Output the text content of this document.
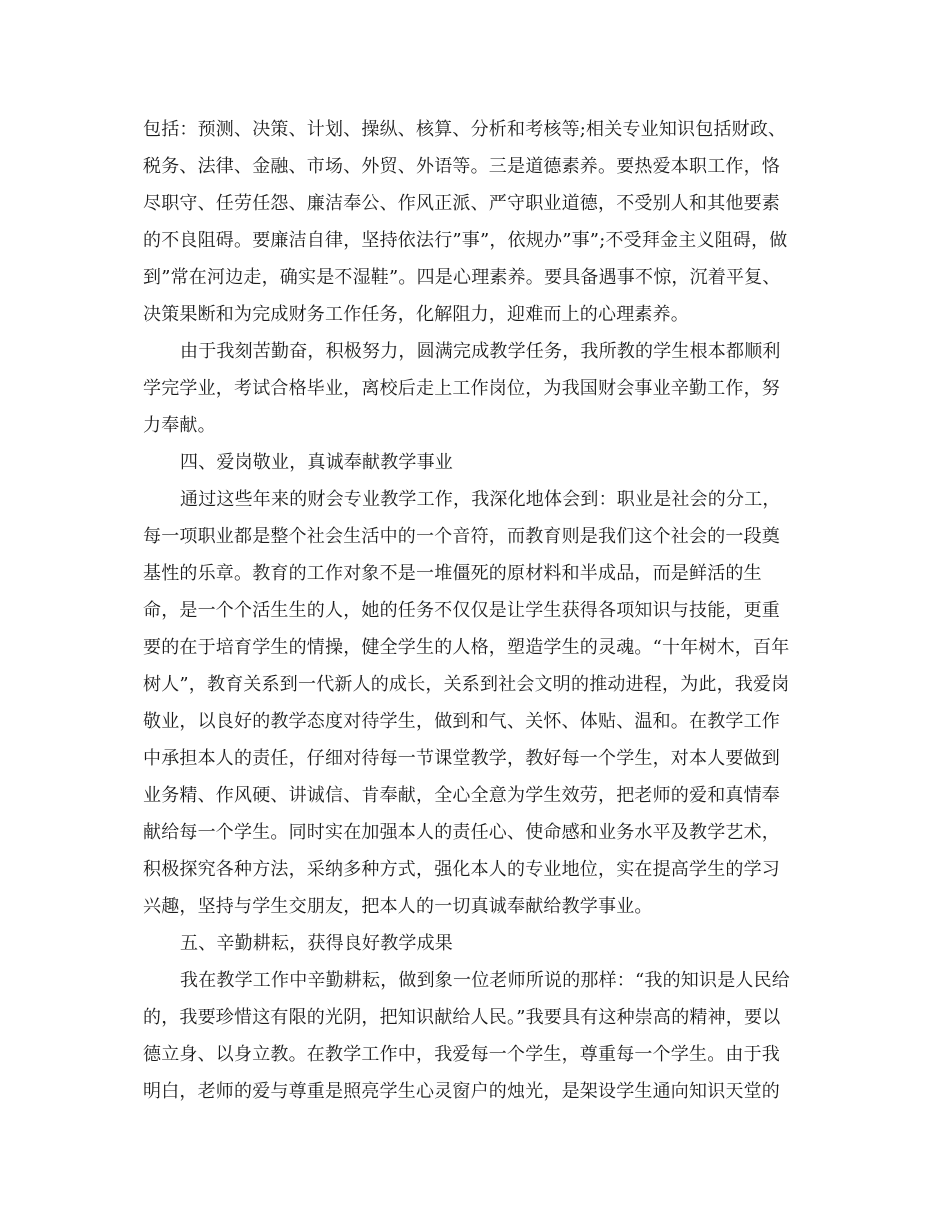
包括：预测、决策、计划、操纵、核算、分析和考核等;相关专业知识包括财政、
税务、法律、金融、市场、外贸、外语等。三是道德素养。要热爱本职工作，恪
尽职守、任劳任怨、廉洁奉公、作风正派、严守职业道德，不受别人和其他要素
的不良阻碍。要廉洁自律，坚持依法行”事”，依规办”事”;不受拜金主义阻碍，做
到”常在河边走，确实是不湿鞋”。四是心理素养。要具备遇事不惊，沉着平复、
决策果断和为完成财务工作任务，化解阻力，迎难而上的心理素养。
由于我刻苦勤奋，积极努力，圆满完成教学任务，我所教的学生根本都顺利
学完学业，考试合格毕业，离校后走上工作岗位，为我国财会事业辛勤工作，努
力奉献。
四、爱岗敬业，真诚奉献教学事业
通过这些年来的财会专业教学工作，我深化地体会到：职业是社会的分工，
每一项职业都是整个社会生活中的一个音符，而教育则是我们这个社会的一段奠
基性的乐章。教育的工作对象不是一堆僵死的原材料和半成品，而是鲜活的生
命，是一个个活生生的人，她的任务不仅仅是让学生获得各项知识与技能，更重
要的在于培育学生的情操，健全学生的人格，塑造学生的灵魂。“十年树木，百年
树人”，教育关系到一代新人的成长，关系到社会文明的推动进程，为此，我爱岗
敬业，以良好的教学态度对待学生，做到和气、关怀、体贴、温和。在教学工作
中承担本人的责任，仔细对待每一节课堂教学，教好每一个学生，对本人要做到
业务精、作风硬、讲诚信、肯奉献，全心全意为学生效劳，把老师的爱和真情奉
献给每一个学生。同时实在加强本人的责任心、使命感和业务水平及教学艺术，
积极探究各种方法，采纳多种方式，强化本人的专业地位，实在提高学生的学习
兴趣，坚持与学生交朋友，把本人的一切真诚奉献给教学事业。
五、辛勤耕耘，获得良好教学成果
我在教学工作中辛勤耕耘，做到象一位老师所说的那样：“我的知识是人民给
的，我要珍惜这有限的光阴，把知识献给人民。”我要具有这种崇高的精神，要以
德立身、以身立教。在教学工作中，我爱每一个学生，尊重每一个学生。由于我
明白，老师的爱与尊重是照亮学生心灵窗户的烛光，是架设学生通向知识天堂的
